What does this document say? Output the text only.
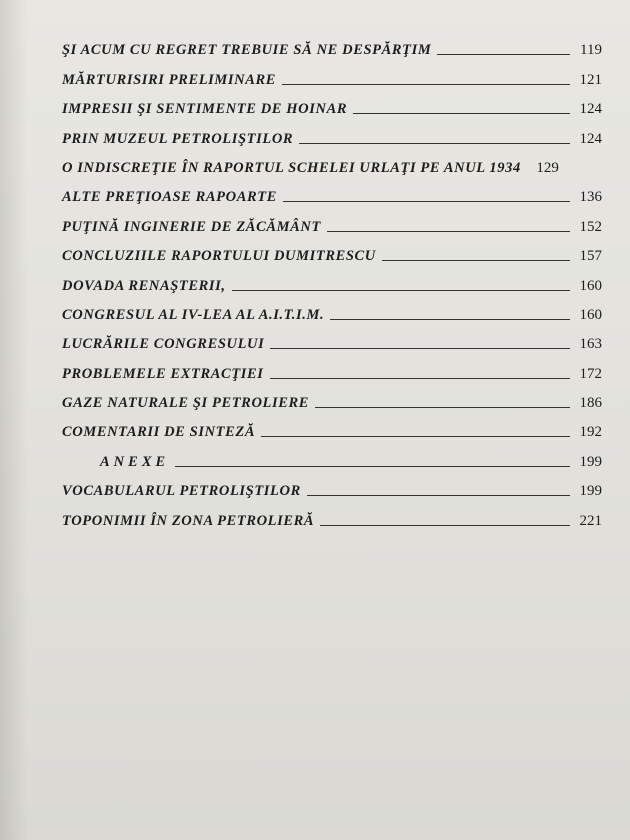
ŞI ACUM CU REGRET TREBUIE SĂ NE DESPĂRŢIM	119
MĂRTURISIRI PRELIMINARE	121
IMPRESII ŞI SENTIMENTE DE HOINAR	124
PRIN MUZEUL PETROLIŞTILOR	124
O INDISCREŢIE ÎN RAPORTUL SCHELEI URLAŢI PE ANUL 1934	129
ALTE PREŢIOASE RAPOARTE	136
PUŢINĂ INGINERIE DE ZĂCĂMÂNT	152
CONCLUZIILE RAPORTULUI DUMITRESCU	157
DOVADA RENAŞTERII,	160
CONGRESUL AL IV-LEA AL A.I.T.I.M.	160
LUCRĂRILE CONGRESULUI	163
PROBLEMELE EXTRACŢIEI	172
GAZE NATURALE ŞI PETROLIERE	186
COMENTARII DE SINTEZĂ	192
ANEXE	199
VOCABULARUL PETROLIŞTILOR	199
TOPONIMII ÎN ZONA PETROLIERĂ	221
